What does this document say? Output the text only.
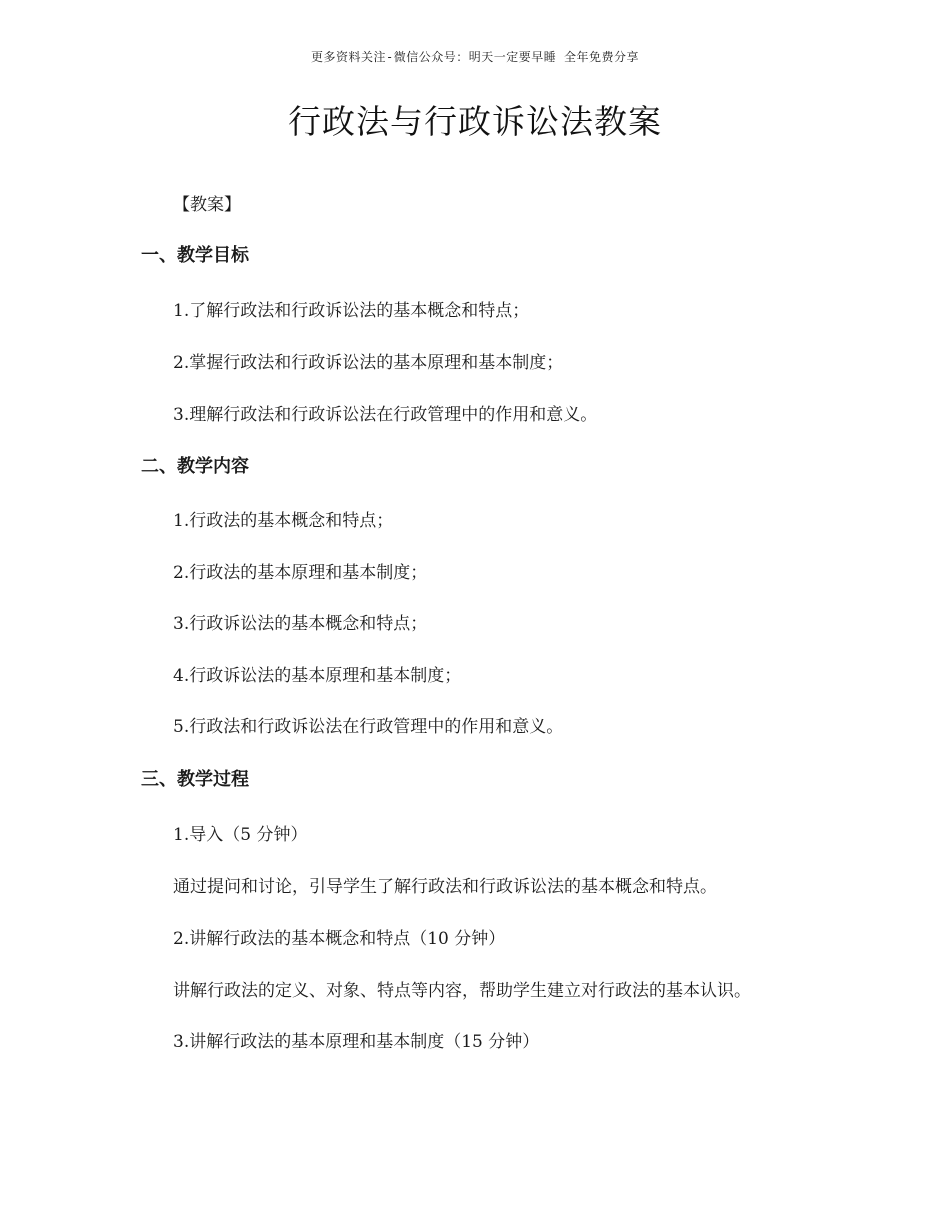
更多资料关注-微信公众号：明天一定要早睡 全年免费分享
行政法与行政诉讼法教案
【教案】
一、教学目标
1.了解行政法和行政诉讼法的基本概念和特点；
2.掌握行政法和行政诉讼法的基本原理和基本制度；
3.理解行政法和行政诉讼法在行政管理中的作用和意义。
二、教学内容
1.行政法的基本概念和特点；
2.行政法的基本原理和基本制度；
3.行政诉讼法的基本概念和特点；
4.行政诉讼法的基本原理和基本制度；
5.行政法和行政诉讼法在行政管理中的作用和意义。
三、教学过程
1.导入（5 分钟）
通过提问和讨论，引导学生了解行政法和行政诉讼法的基本概念和特点。
2.讲解行政法的基本概念和特点（10 分钟）
讲解行政法的定义、对象、特点等内容，帮助学生建立对行政法的基本认识。
3.讲解行政法的基本原理和基本制度（15 分钟）
